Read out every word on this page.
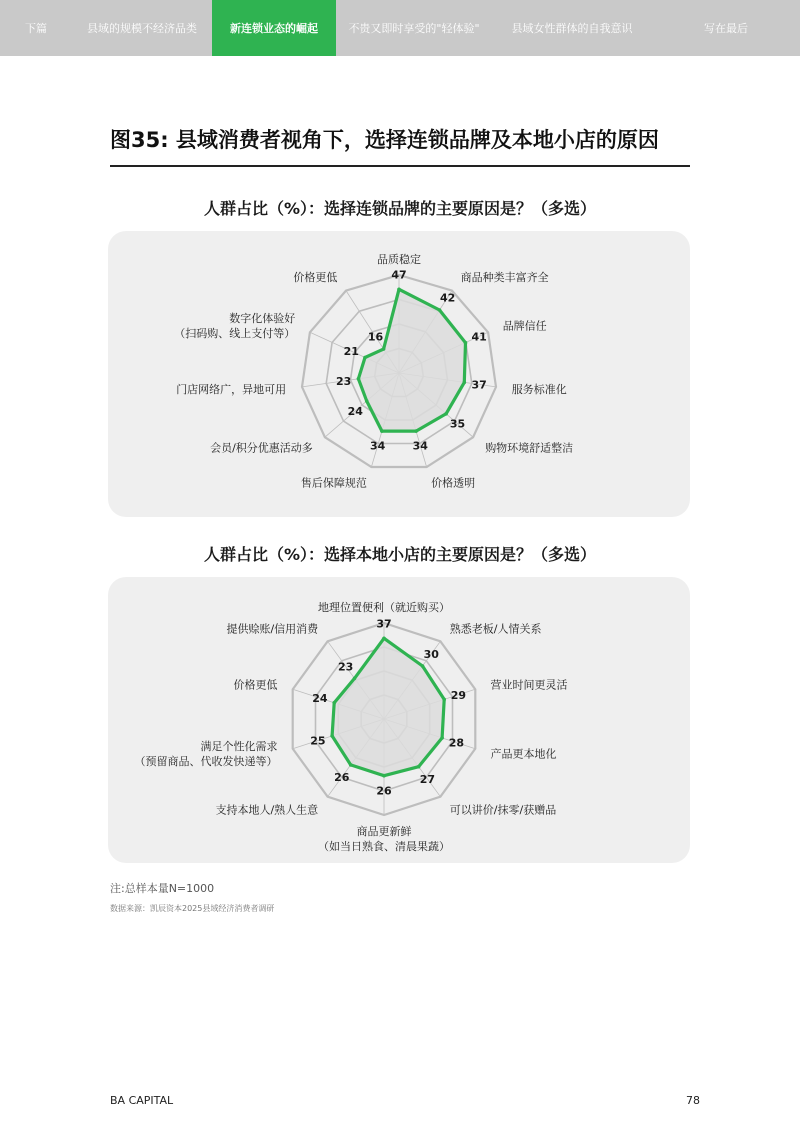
下篇	县域的规模不经济品类	新连锁业态的崛起	不贵又即时享受的"轻体验"	县域女性群体的自我意识	写在最后
图35: 县域消费者视角下，选择连锁品牌及本地小店的原因
人群占比（%）：选择连锁品牌的主要原因是？（多选）
47
42
41
37
35
34
34
24
23
21
16
品质稳定
商品种类丰富齐全
品牌信任
服务标准化
购物环境舒适整洁
价格透明
售后保障规范
会员/积分优惠活动多
门店网络广，异地可用
数字化体验好
（扫码购、线上支付等）
价格更低
人群占比（%）：选择本地小店的主要原因是？（多选）
37
30
29
28
27
26
26
25
24
23
地理位置便利（就近购买）
熟悉老板/人情关系
营业时间更灵活
产品更本地化
可以讲价/抹零/获赠品
商品更新鲜
（如当日熟食、清晨果蔬）
支持本地人/熟人生意
满足个性化需求
（预留商品、代收发快递等）
价格更低
提供赊账/信用消费
注:总样本量N=1000
数据来源：凯辰资本2025县域经济消费者调研
BA CAPITAL	78
